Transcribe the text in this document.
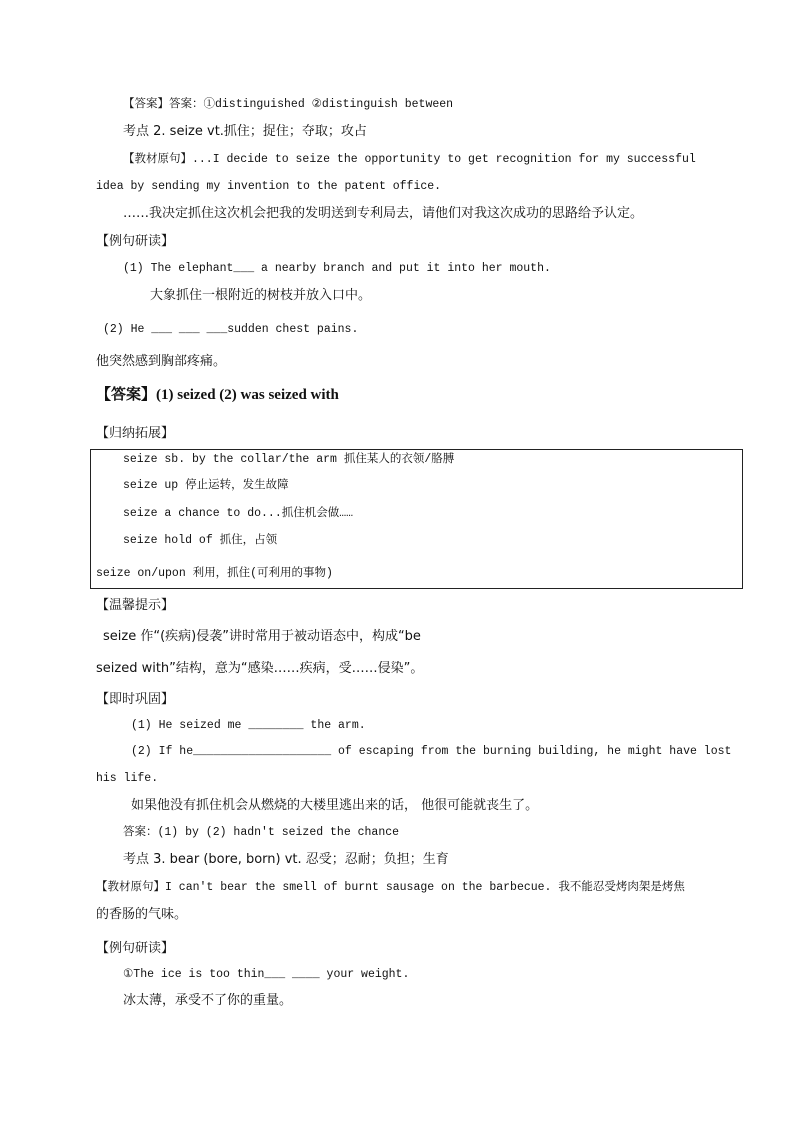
【答案】答案：①distinguished ②distinguish between
考点 2. seize vt.抓住；捉住；夺取；攻占
【教材原句】...I decide to seize the opportunity to get recognition for my successful
idea by sending my invention to the patent office.
……我决定抓住这次机会把我的发明送到专利局去，请他们对我这次成功的思路给予认定。
【例句研读】
(1) The elephant___ a nearby branch and put it into her mouth.
大象抓住一根附近的树枝并放入口中。
(2) He ___ ___ ___sudden chest pains.
他突然感到胸部疼痛。
【答案】(1) seized (2) was seized with
【归纳拓展】
seize sb. by the collar/the arm 抓住某人的衣领/胳膊
seize up 停止运转，发生故障
seize a chance to do...抓住机会做……
seize hold of 抓住，占领
seize on/upon 利用，抓住(可利用的事物)
【温馨提示】
seize 作“(疾病)侵袭”讲时常用于被动语态中，构成“be
seized with”结构，意为“感染……疾病，受……侵染”。
【即时巩固】
(1) He seized me ________ the arm.
(2) If he____________________ of escaping from the burning building, he might have lost
his life.
如果他没有抓住机会从燃烧的大楼里逃出来的话， 他很可能就丧生了。
答案：(1) by (2) hadn't seized the chance
考点 3. bear (bore, born) vt. 忍受；忍耐；负担；生育
【教材原句】I can't bear the smell of burnt sausage on the barbecue. 我不能忍受烤肉架是烤焦
的香肠的气味。
【例句研读】
①The ice is too thin___ ____ your weight.
冰太薄，承受不了你的重量。
